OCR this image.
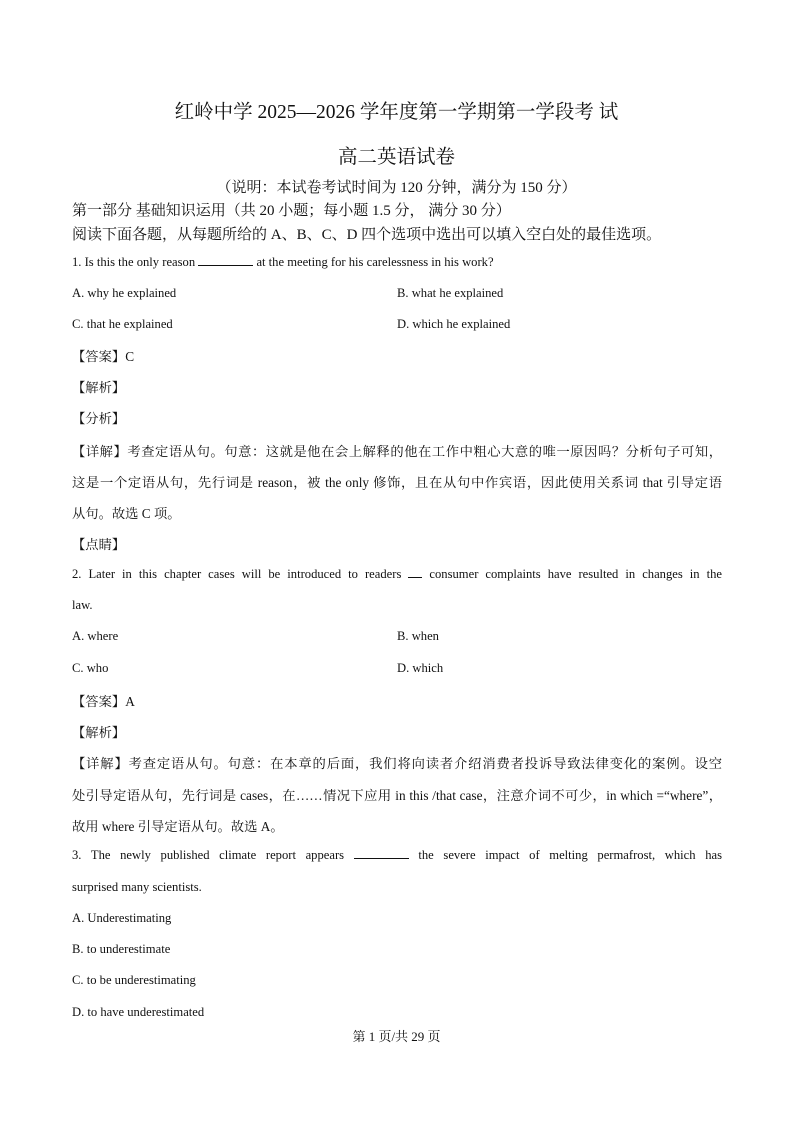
红岭中学 2025—2026 学年度第一学期第一学段考 试
高二英语试卷
（说明：本试卷考试时间为 120 分钟，满分为 150 分）
第一部分 基础知识运用（共 20 小题；每小题 1.5 分， 满分 30 分）
阅读下面各题，从每题所给的 A、B、C、D 四个选项中选出可以填入空白处的最佳选项。
1. Is this the only reason	at the meeting for his carelessness in his work?
A. why he explained	B. what he explained
C. that he explained	D. which he explained
【答案】C
【解析】
【分析】
【详解】考查定语从句。句意：这就是他在会上解释的他在工作中粗心大意的唯一原因吗？分析句子可知，
这是一个定语从句，先行词是 reason，被 the only 修饰，且在从句中作宾语，因此使用关系词 that 引导定语
从句。故选 C 项。
【点睛】
2. Later in this chapter cases will be introduced to readers consumer complaints have resulted in changes in the
law.
A. where	B. when
C. who	D. which
【答案】A
【解析】
【详解】考查定语从句。句意：在本章的后面，我们将向读者介绍消费者投诉导致法律变化的案例。设空
处引导定语从句，先行词是 cases，在……情况下应用 in this /that case，注意介词不可少，in which =“where”，
故用 where 引导定语从句。故选 A。
3. The newly published climate report appears	the severe impact of melting permafrost, which has
surprised many scientists.
A. Underestimating
B. to underestimate
C. to be underestimating
D. to have underestimated
第 1 页/共 29 页
